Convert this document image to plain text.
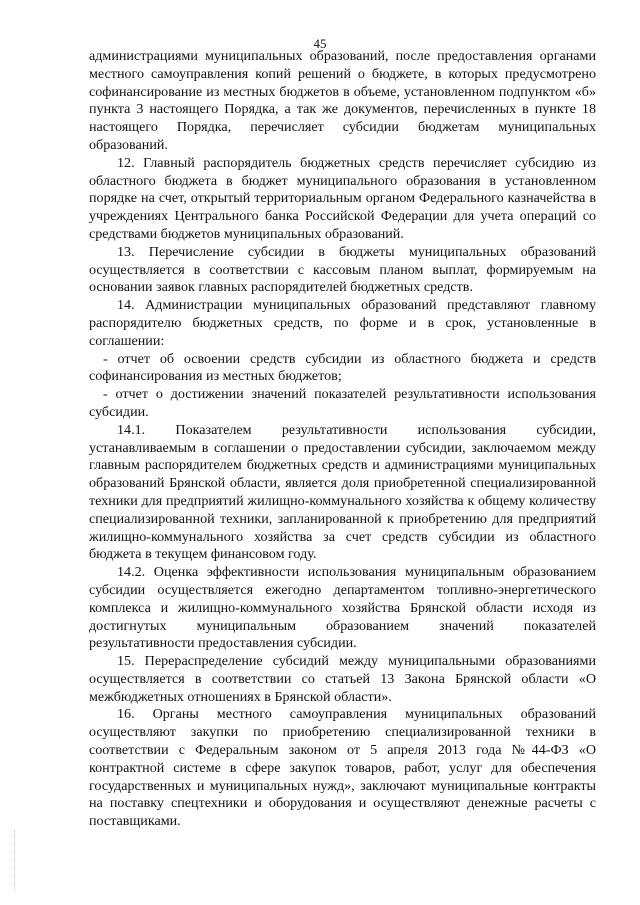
45

администрациями муниципальных образований, после предоставления органами местного самоуправления копий решений о бюджете, в которых предусмотрено софинансирование из местных бюджетов в объеме, установленном подпунктом «б» пункта 3 настоящего Порядка, а так же документов, перечисленных в пункте 18 настоящего Порядка, перечисляет субсидии бюджетам муниципальных образований.

12. Главный распорядитель бюджетных средств перечисляет субсидию из областного бюджета в бюджет муниципального образования в установленном порядке на счет, открытый территориальным органом Федерального казначейства в учреждениях Центрального банка Российской Федерации для учета операций со средствами бюджетов муниципальных образований.

13. Перечисление субсидии в бюджеты муниципальных образований осуществляется в соответствии с кассовым планом выплат, формируемым на основании заявок главных распорядителей бюджетных средств.

14. Администрации муниципальных образований представляют главному распорядителю бюджетных средств, по форме и в срок, установленные в соглашении:

- отчет об освоении средств субсидии из областного бюджета и средств софинансирования из местных бюджетов;

- отчет о достижении значений показателей результативности использования субсидии.

14.1. Показателем результативности использования субсидии, устанавливаемым в соглашении о предоставлении субсидии, заключаемом между главным распорядителем бюджетных средств и администрациями муниципальных образований Брянской области, является доля приобретенной специализированной техники для предприятий жилищно-коммунального хозяйства к общему количеству специализированной техники, запланированной к приобретению для предприятий жилищно-коммунального хозяйства за счет средств субсидии из областного бюджета в текущем финансовом году.

14.2. Оценка эффективности использования муниципальным образованием субсидии осуществляется ежегодно департаментом топливно-энергетического комплекса и жилищно-коммунального хозяйства Брянской области исходя из достигнутых муниципальным образованием значений показателей результативности предоставления субсидии.

15. Перераспределение субсидий между муниципальными образованиями осуществляется в соответствии со статьей 13 Закона Брянской области «О межбюджетных отношениях в Брянской области».

16. Органы местного самоуправления муниципальных образований осуществляют закупки по приобретению специализированной техники в соответствии с Федеральным законом от 5 апреля 2013 года №44-ФЗ «О контрактной системе в сфере закупок товаров, работ, услуг для обеспечения государственных и муниципальных нужд», заключают муниципальные контракты на поставку спецтехники и оборудования и осуществляют денежные расчеты с поставщиками.
